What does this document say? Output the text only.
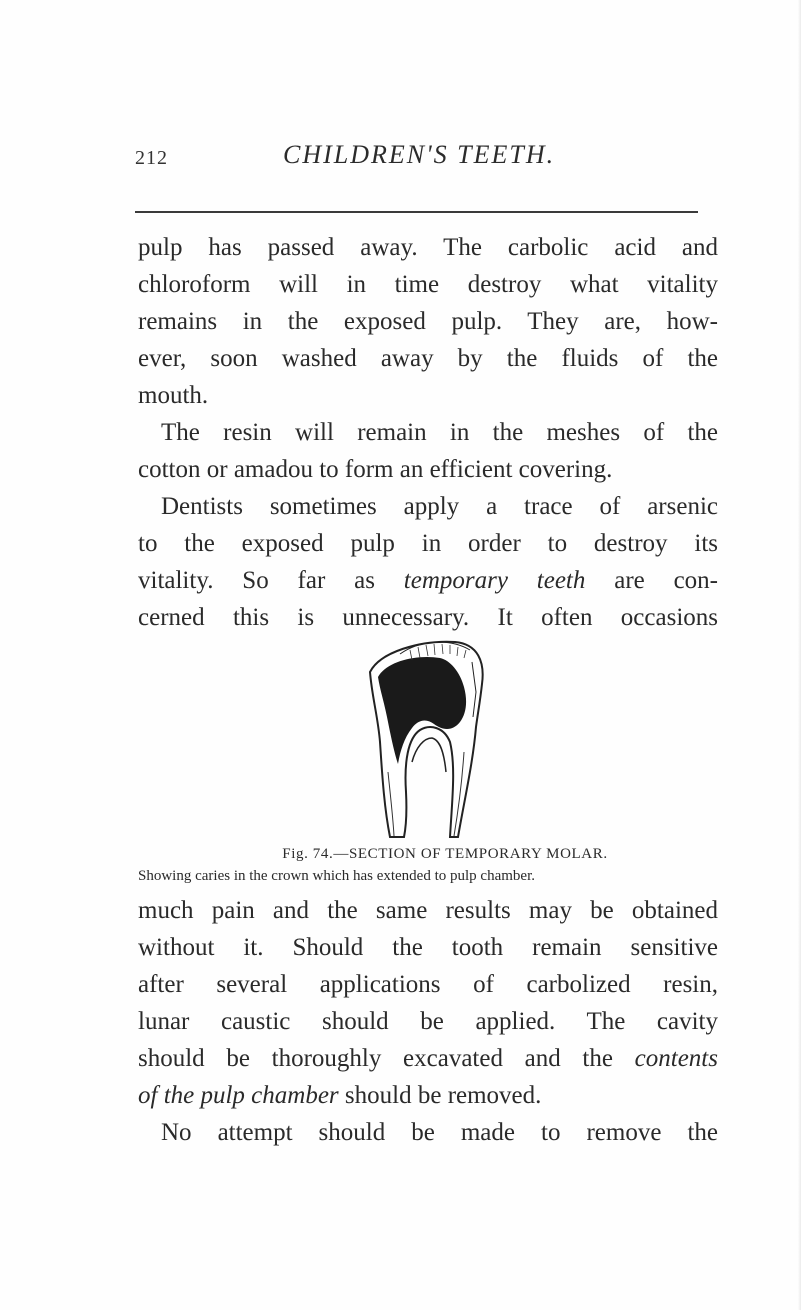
212	CHILDREN'S TEETH.

pulp has passed away. The carbolic acid and
chloroform will in time destroy what vitality
remains in the exposed pulp. They are, how-
ever, soon washed away by the fluids of the
mouth.

The resin will remain in the meshes of the
cotton or amadou to form an efficient covering.

Dentists sometimes apply a trace of arsenic
to the exposed pulp in order to destroy its
vitality. So far as temporary teeth are con-
cerned this is unnecessary. It often occasions

Fig. 74.—SECTION OF TEMPORARY MOLAR.
Showing caries in the crown which has extended to pulp chamber.

much pain and the same results may be obtained
without it. Should the tooth remain sensitive
after several applications of carbolized resin,
lunar caustic should be applied. The cavity
should be thoroughly excavated and the contents
of the pulp chamber should be removed.

No attempt should be made to remove the
